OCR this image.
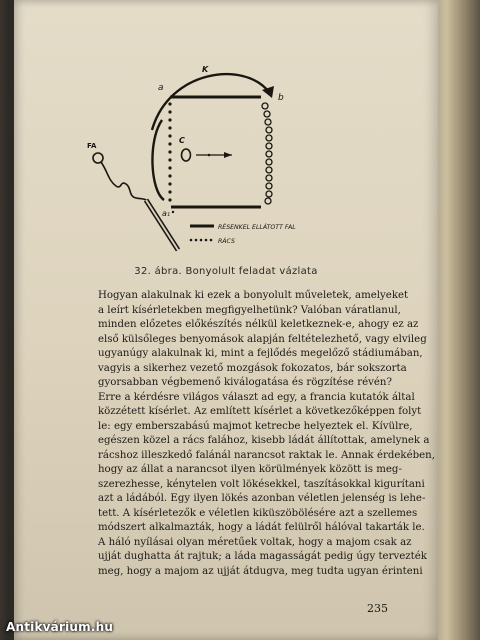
K
a
b
C
a₁
FA
RÉSENKEL ELLÁTOTT FAL
RÁCS
32. ábra. Bonyolult feladat vázlata

Hogyan alakulnak ki ezek a bonyolult műveletek, amelyeket
a leírt kísérletekben megfigyelhetünk? Valóban váratlanul,
minden előzetes előkészítés nélkül keletkeznek-e, ahogy ez az
első külsőleges benyomások alapján feltételezhető, vagy elvileg
ugyanúgy alakulnak ki, mint a fejlődés megelőző stádiumában,
vagyis a sikerhez vezető mozgások fokozatos, bár sokszorta
gyorsabban végbemenő kiválogatása és rögzítése révén?

Erre a kérdésre világos választ ad egy, a francia kutatók által
közzétett kísérlet. Az említett kísérlet a következőképpen folyt
le: egy emberszabású majmot ketrecbe helyeztek el. Kívülre,
egészen közel a rács falához, kisebb ládát állítottak, amelynek a
rácshoz illeszkedő falánál narancsot raktak le. Annak érdekében,
hogy az állat a narancsot ilyen körülmények között is meg-
szerezhesse, kénytelen volt lökésekkel, taszításokkal kigurítani
azt a ládából. Egy ilyen lökés azonban véletlen jelenség is lehe-
tett. A kísérletezők e véletlen kiküszöbölésére azt a szellemes
módszert alkalmazták, hogy a ládát felülről hálóval takarták le.
A háló nyílásai olyan méretűek voltak, hogy a majom csak az
ujját dughatta át rajtuk; a láda magasságát pedig úgy tervezték
meg, hogy a majom az ujját átdugva, meg tudta ugyan érinteni

235
Antikvárium.hu
